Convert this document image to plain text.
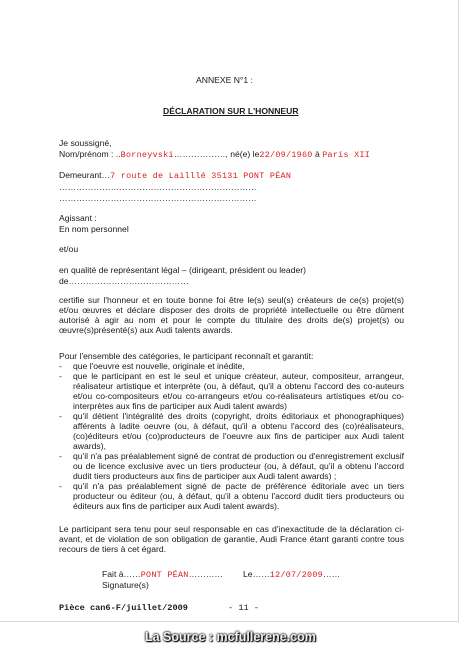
ANNEXE N°1 :
DÉCLARATION SUR L'HONNEUR
Je soussigné,
Nom/prénom : ..Borneyvski………………, né(e) le22/09/1960 à Paris XII
Demeurant…7 route de Lailllé 35131 PONT PÉAN
……………………………………………………………
……………………………………………………………
Agissant :
En nom personnel
et/ou
en qualité de représentant légal – (dirigeant, président ou leader)
de……………………………………
certifie sur l'honneur et en toute bonne foi être le(s) seul(s) créateurs de ce(s) projet(s) et/ou œuvres et déclare disposer des droits de propriété intellectuelle ou être dûment autorisé à agir au nom et pour le compte du titulaire des droits de(s) projet(s) ou œuvre(s)présenté(s) aux Audi talents awards.
Pour l'ensemble des catégories, le participant reconnaît et garantit:
- que l'oeuvre est nouvelle, originale et inédite,
- que le participant en est le seul et unique créateur, auteur, compositeur, arrangeur, réalisateur artistique et interprète (ou, à défaut, qu'il a obtenu l'accord des co-auteurs et/ou co-compositeurs et/ou co-arrangeurs et/ou co-réalisateurs artistiques et/ou co-interprètes aux fins de participer aux Audi talent awards)
- qu'il détient l'intégralité des droits (copyright, droits éditoriaux et phonographiques) afférents à ladite oeuvre (ou, à défaut, qu'il a obtenu l'accord des (co)réalisateurs, (co)éditeurs et/ou (co)producteurs de l'oeuvre aux fins de participer aux Audi talent awards),
- qu'il n'a pas préalablement signé de contrat de production ou d'enregistrement exclusif ou de licence exclusive avec un tiers producteur (ou, à défaut, qu'il a obtenu l'accord dudit tiers producteurs aux fins de participer aux Audi talent awards) ;
- qu'il n'a pas préalablement signé de pacte de préférence éditoriale avec un tiers producteur ou éditeur (ou, à défaut, qu'il a obtenu l'accord dudit tiers producteurs ou éditeurs aux fins de participer aux Audi talent awards).
Le participant sera tenu pour seul responsable en cas d'inexactitude de la déclaration ci-avant, et de violation de son obligation de garantie, Audi France étant garanti contre tous recours de tiers à cet égard.
Fait à……PONT PÉAN………… Le……12/07/2009……
Signature(s)
Pièce can6-F/juillet/2009	- 11 -
La Source : mcfullerene.com
